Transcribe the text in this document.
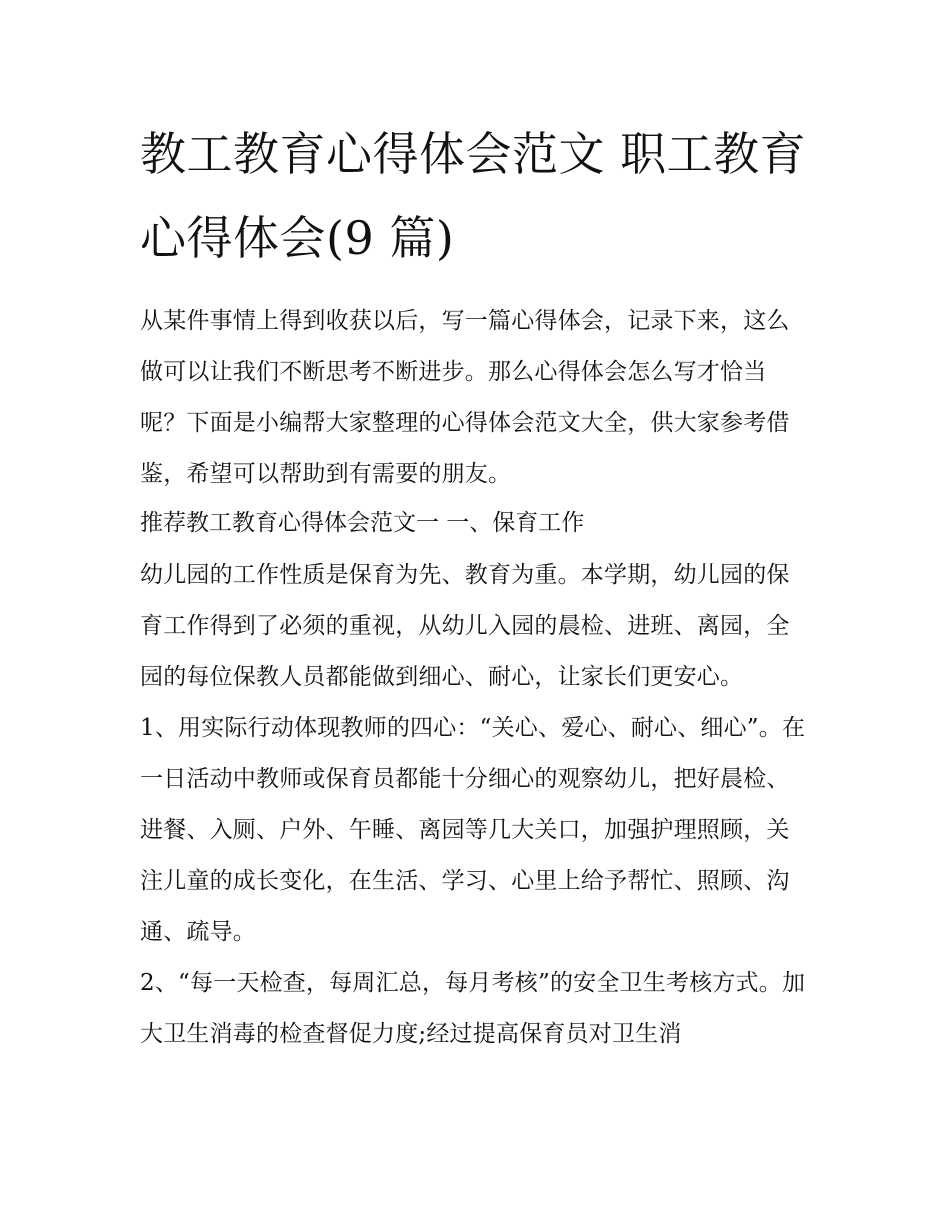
教工教育心得体会范文 职工教育心得体会(9 篇)

从某件事情上得到收获以后，写一篇心得体会，记录下来，这么做可以让我们不断思考不断进步。那么心得体会怎么写才恰当呢？下面是小编帮大家整理的心得体会范文大全，供大家参考借鉴，希望可以帮助到有需要的朋友。

推荐教工教育心得体会范文一 一、保育工作

幼儿园的工作性质是保育为先、教育为重。本学期，幼儿园的保育工作得到了必须的重视，从幼儿入园的晨检、进班、离园，全园的每位保教人员都能做到细心、耐心，让家长们更安心。

1、用实际行动体现教师的四心：“关心、爱心、耐心、细心”。在一日活动中教师或保育员都能十分细心的观察幼儿，把好晨检、进餐、入厕、户外、午睡、离园等几大关口，加强护理照顾，关注儿童的成长变化，在生活、学习、心里上给予帮忙、照顾、沟通、疏导。

2、“每一天检查，每周汇总，每月考核”的安全卫生考核方式。加大卫生消毒的检查督促力度;经过提高保育员对卫生消
